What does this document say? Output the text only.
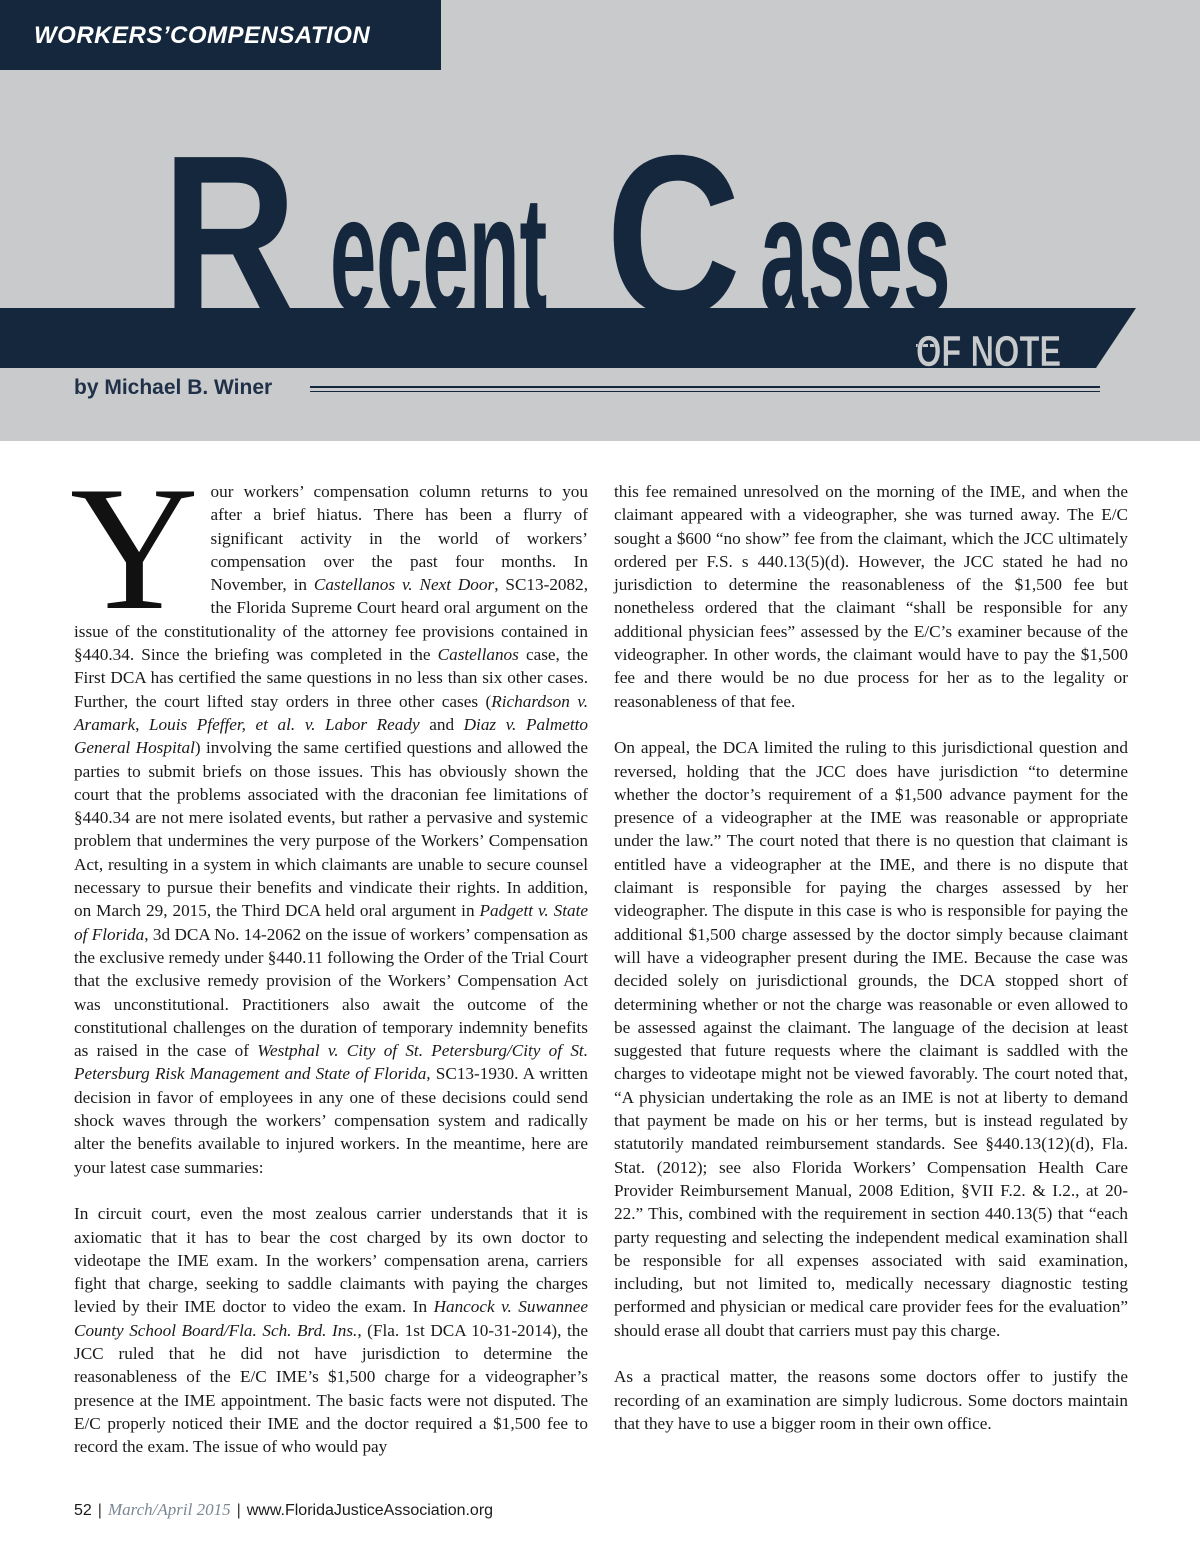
WORKERS’COMPENSATION
R ecent C ases
OF NOTE
by Michael B. Winer

Your workers’ compensation column returns to you after a brief hiatus. There has been a flurry of significant activity in the world of workers’ compensation over the past four months. In November, in Castellanos v. Next Door, SC13-2082, the Florida Supreme Court heard oral argument on the issue of the constitutionality of the attorney fee provisions contained in §440.34. Since the briefing was completed in the Castellanos case, the First DCA has certified the same questions in no less than six other cases. Further, the court lifted stay orders in three other cases (Richardson v. Aramark, Louis Pfeffer, et al. v. Labor Ready and Diaz v. Palmetto General Hospital) involving the same certified questions and allowed the parties to submit briefs on those issues. This has obviously shown the court that the problems associated with the draconian fee limitations of §440.34 are not mere isolated events, but rather a pervasive and systemic problem that undermines the very purpose of the Workers’ Compensation Act, resulting in a system in which claimants are unable to secure counsel necessary to pursue their benefits and vindicate their rights. In addition, on March 29, 2015, the Third DCA held oral argument in Padgett v. State of Florida, 3d DCA No. 14-2062 on the issue of workers’ compensation as the exclusive remedy under §440.11 following the Order of the Trial Court that the exclusive remedy provision of the Workers’ Compensation Act was unconstitutional. Practitioners also await the outcome of the constitutional challenges on the duration of temporary indemnity benefits as raised in the case of Westphal v. City of St. Petersburg/City of St. Petersburg Risk Management and State of Florida, SC13-1930. A written decision in favor of employees in any one of these decisions could send shock waves through the workers’ compensation system and radically alter the benefits available to injured workers. In the meantime, here are your latest case summaries:

In circuit court, even the most zealous carrier understands that it is axiomatic that it has to bear the cost charged by its own doctor to videotape the IME exam. In the workers’ compensation arena, carriers fight that charge, seeking to saddle claimants with paying the charges levied by their IME doctor to video the exam. In Hancock v. Suwannee County School Board/Fla. Sch. Brd. Ins., (Fla. 1st DCA 10-31-2014), the JCC ruled that he did not have jurisdiction to determine the reasonableness of the E/C IME’s $1,500 charge for a videographer’s presence at the IME appointment. The basic facts were not disputed. The E/C properly noticed their IME and the doctor required a $1,500 fee to record the exam. The issue of who would pay

this fee remained unresolved on the morning of the IME, and when the claimant appeared with a videographer, she was turned away. The E/C sought a $600 “no show” fee from the claimant, which the JCC ultimately ordered per F.S. s 440.13(5)(d). However, the JCC stated he had no jurisdiction to determine the reasonableness of the $1,500 fee but nonetheless ordered that the claimant “shall be responsible for any additional physician fees” assessed by the E/C’s examiner because of the videographer. In other words, the claimant would have to pay the $1,500 fee and there would be no due process for her as to the legality or reasonableness of that fee.

On appeal, the DCA limited the ruling to this jurisdictional question and reversed, holding that the JCC does have jurisdiction “to determine whether the doctor’s requirement of a $1,500 advance payment for the presence of a videographer at the IME was reasonable or appropriate under the law.” The court noted that there is no question that claimant is entitled have a videographer at the IME, and there is no dispute that claimant is responsible for paying the charges assessed by her videographer. The dispute in this case is who is responsible for paying the additional $1,500 charge assessed by the doctor simply because claimant will have a videographer present during the IME. Because the case was decided solely on jurisdictional grounds, the DCA stopped short of determining whether or not the charge was reasonable or even allowed to be assessed against the claimant. The language of the decision at least suggested that future requests where the claimant is saddled with the charges to videotape might not be viewed favorably. The court noted that, “A physician undertaking the role as an IME is not at liberty to demand that payment be made on his or her terms, but is instead regulated by statutorily mandated reimbursement standards. See §440.13(12)(d), Fla. Stat. (2012); see also Florida Workers’ Compensation Health Care Provider Reimbursement Manual, 2008 Edition, §VII F.2. & I.2., at 20-22.” This, combined with the requirement in section 440.13(5) that “each party requesting and selecting the independent medical examination shall be responsible for all expenses associated with said examination, including, but not limited to, medically necessary diagnostic testing performed and physician or medical care provider fees for the evaluation” should erase all doubt that carriers must pay this charge.

As a practical matter, the reasons some doctors offer to justify the recording of an examination are simply ludicrous. Some doctors maintain that they have to use a bigger room in their own office.

52 | March/April 2015 | www.FloridaJusticeAssociation.org
